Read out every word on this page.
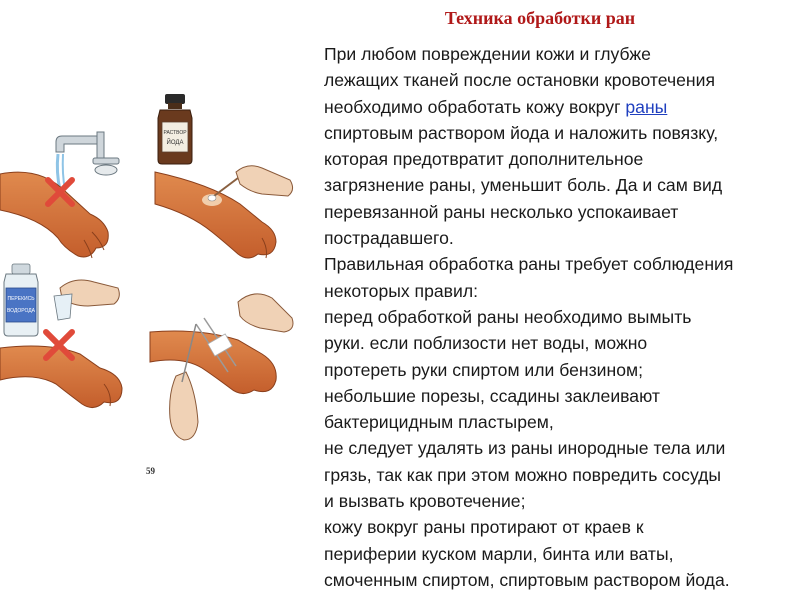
Техника обработки ран
При любом повреждении кожи и глубже
лежащих тканей после остановки кровотечения
необходимо обработать кожу вокруг раны
спиртовым раствором йода и наложить повязку,
которая предотвратит дополнительное
загрязнение раны, уменьшит боль. Да и сам вид
перевязанной раны несколько успокаивает
пострадавшего.
Правильная обработка раны требует соблюдения
некоторых правил:
перед обработкой раны необходимо вымыть
руки. если поблизости нет воды, можно
протереть руки спиртом или бензином;
небольшие порезы, ссадины заклеивают
бактерицидным пластырем,
не следует удалять из раны инородные тела или
грязь, так как при этом можно повредить сосуды
и вызвать кровотечение;
кожу вокруг раны протирают от краев к
периферии куском марли, бинта или ваты,
смоченным спиртом, спиртовым раствором йода.
РАСТВОР
ЙОДА
ПЕРЕКИСЬ
ВОДОРОДА
59
